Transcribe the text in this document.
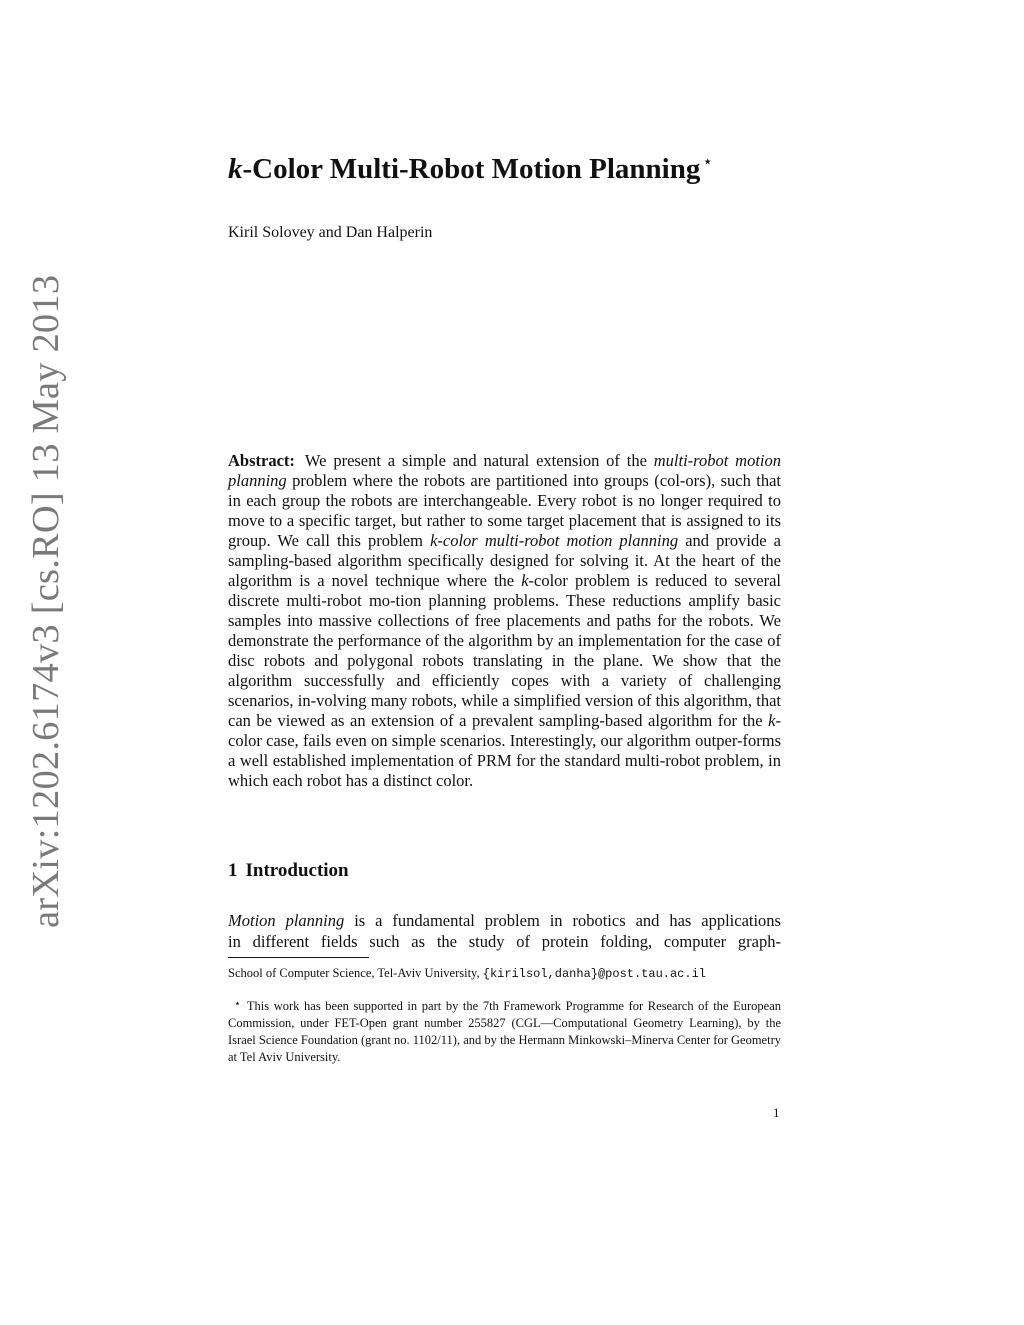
arXiv:1202.6174v3 [cs.RO] 13 May 2013
k-Color Multi-Robot Motion Planning ⋆
Kiril Solovey and Dan Halperin
Abstract: We present a simple and natural extension of the multi-robot motion planning problem where the robots are partitioned into groups (col-ors), such that in each group the robots are interchangeable. Every robot is no longer required to move to a specific target, but rather to some target placement that is assigned to its group. We call this problem k-color multi-robot motion planning and provide a sampling-based algorithm specifically designed for solving it. At the heart of the algorithm is a novel technique where the k-color problem is reduced to several discrete multi-robot mo-tion planning problems. These reductions amplify basic samples into massive collections of free placements and paths for the robots. We demonstrate the performance of the algorithm by an implementation for the case of disc robots and polygonal robots translating in the plane. We show that the algorithm successfully and efficiently copes with a variety of challenging scenarios, in-volving many robots, while a simplified version of this algorithm, that can be viewed as an extension of a prevalent sampling-based algorithm for the k-color case, fails even on simple scenarios. Interestingly, our algorithm outper-forms a well established implementation of PRM for the standard multi-robot problem, in which each robot has a distinct color.
1 Introduction
Motion planning is a fundamental problem in robotics and has applications
in different fields such as the study of protein folding, computer graph-
School of Computer Science, Tel-Aviv University, {kirilsol,danha}@post.tau.ac.il
⋆ This work has been supported in part by the 7th Framework Programme for Research of the European Commission, under FET-Open grant number 255827 (CGL—Computational Geometry Learning), by the Israel Science Foundation (grant no. 1102/11), and by the Hermann Minkowski–Minerva Center for Geometry at Tel Aviv University.
1
